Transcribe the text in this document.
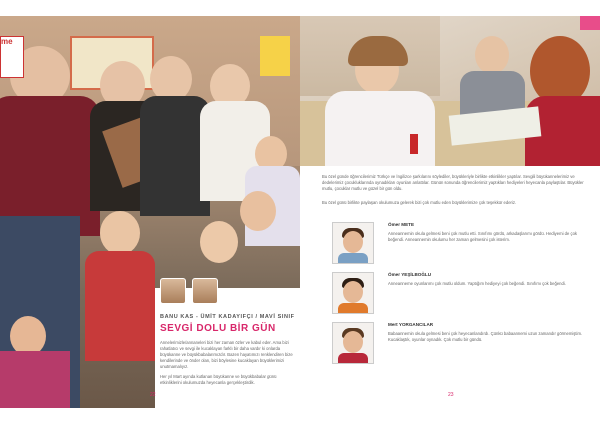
me
BANU KAS - ÜMİT KADAYIFÇI / MAVİ SINIF
SEVGİ DOLU BİR GÜN

Annelerimizle/annaneleri bizi her zaman özler ve kabul eder. Ama bizi rahatlatıcı ve sevgi ile kucaklayan farklı bir daha vardır ki onlarda büyükanne ve büyükbabalarımızdır. Bazen hayatımızı renklendiren bize kendilerinde ve önder olan, bizi böylesine kucaklayan büyüklerimizi unutmamalıyız.

Her yıl Mart ayında kutlanan büyükanne ve büyükbabalar günü etkinliklerini okulumuzda heyecanla gerçekleştirdik.

22
Bu özel günde öğrencilerimiz Türkçe ve İngilizce şarkılarını söylediler, büyükleriyle birlikte etkinlikler yaptılar. Sevgili büyükannelerimiz ve dedelerimiz çocukluklarında oynadıkları oyunları anlattılar. Günün sonunda öğrencilerimiz yaptıkları hediyeleri heyecanla paylaştılar. Büyükler mutlu, çocuklar mutlu ve güzel bir gün oldu.
Bu özel günü birlikte paylaşan okulumuza gelerek bizi çok mutlu eden büyüklerimize çok teşekkür ederiz.
Ömer METE
Anneannemin okula gelmesi beni çok mutlu etti. Sınıfımı gördü, arkadaşlarımı gördü. Hediyemi de çok beğendi. Anneannemin okulumu her zaman gelmesini çok isterim.
Ömer YEŞİLBOĞLU
Anneanneme oyunlarımı çok mutlu oldum. Yaptığım hediyeyi çok beğendi. Sınıfımı çok beğendi.
Mert YORGANCILAR
Babaannemin okula gelmesi beni çok heyecanlandırdı. Çünkü babaannemi uzun zamandır görmemiştim. Kucaklaştık, oyunlar oynadık. Çok mutlu bir gündü.
23
